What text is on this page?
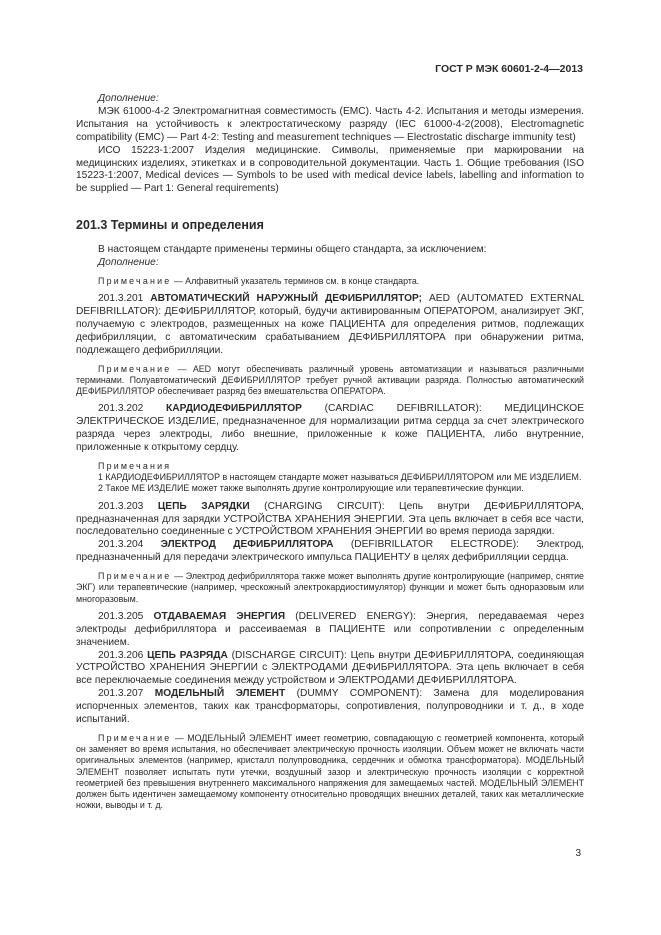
ГОСТ Р МЭК 60601-2-4—2013

Дополнение:

МЭК 61000-4-2 Электромагнитная совместимость (ЕМС). Часть 4-2. Испытания и методы измерения. Испытания на устойчивость к электростатическому разряду (IEC 61000-4-2(2008), Electromagnetic compatibility (EMC) — Part 4-2: Testing and measurement techniques — Electrostatic discharge immunity test)

ИСО 15223-1:2007 Изделия медицинские. Символы, применяемые при маркировании на медицинских изделиях, этикетках и в сопроводительной документации. Часть 1. Общие требования (ISO 15223-1:2007, Medical devices — Symbols to be used with medical device labels, labelling and information to be supplied — Part 1: General requirements)

201.3 Термины и определения

В настоящем стандарте применены термины общего стандарта, за исключением:

Дополнение:

Примечание — Алфавитный указатель терминов см. в конце стандарта.

201.3.201 АВТОМАТИЧЕСКИЙ НАРУЖНЫЙ ДЕФИБРИЛЛЯТОР; AED (AUTOMATED EXTERNAL DEFIBRILLATOR): ДЕФИБРИЛЛЯТОР, который, будучи активированным ОПЕРАТОРОМ, анализирует ЭКГ, получаемую с электродов, размещенных на коже ПАЦИЕНТА для определения ритмов, подлежащих дефибрилляции, с автоматическим срабатыванием ДЕФИБРИЛЛЯТОРА при обнаружении ритма, подлежащего дефибрилляции.

Примечание — AED могут обеспечивать различный уровень автоматизации и называться различными терминами. Полуавтоматический ДЕФИБРИЛЛЯТОР требует ручной активации разряда. Полностью автоматический ДЕФИБРИЛЛЯТОР обеспечивает разряд без вмешательства ОПЕРАТОРА.

201.3.202 КАРДИОДЕФИБРИЛЛЯТОР (CARDIAC DEFIBRILLATOR): МЕДИЦИНСКОЕ ЭЛЕКТРИЧЕСКОЕ ИЗДЕЛИЕ, предназначенное для нормализации ритма сердца за счет электрического разряда через электроды, либо внешние, приложенные к коже ПАЦИЕНТА, либо внутренние, приложенные к открытому сердцу.

Примечания

1 КАРДИОДЕФИБРИЛЛЯТОР в настоящем стандарте может называться ДЕФИБРИЛЛЯТОРОМ или МЕ ИЗДЕЛИЕМ.

2 Такое МЕ ИЗДЕЛИЕ может также выполнять другие контролирующие или терапевтические функции.

201.3.203 ЦЕПЬ ЗАРЯДКИ (CHARGING CIRCUIT): Цепь внутри ДЕФИБРИЛЛЯТОРА, предназначенная для зарядки УСТРОЙСТВА ХРАНЕНИЯ ЭНЕРГИИ. Эта цепь включает в себя все части, последовательно соединенные с УСТРОЙСТВОМ ХРАНЕНИЯ ЭНЕРГИИ во время периода зарядки.

201.3.204 ЭЛЕКТРОД ДЕФИБРИЛЛЯТОРА (DEFIBRILLATOR ELECTRODE): Электрод, предназначенный для передачи электрического импульса ПАЦИЕНТУ в целях дефибрилляции сердца.

Примечание — Электрод дефибриллятора также может выполнять другие контролирующие (например, снятие ЭКГ) или терапевтические (например, чрескожный электрокардиостимулятор) функции и может быть одноразовым или многоразовым.

201.3.205 ОТДАВАЕМАЯ ЭНЕРГИЯ (DELIVERED ENERGY): Энергия, передаваемая через электроды дефибриллятора и рассеиваемая в ПАЦИЕНТЕ или сопротивлении с определенным значением.

201.3.206 ЦЕПЬ РАЗРЯДА (DISCHARGE CIRCUIT): Цепь внутри ДЕФИБРИЛЛЯТОРА, соединяющая УСТРОЙСТВО ХРАНЕНИЯ ЭНЕРГИИ с ЭЛЕКТРОДАМИ ДЕФИБРИЛЛЯТОРА. Эта цепь включает в себя все переключаемые соединения между устройством и ЭЛЕКТРОДАМИ ДЕФИБРИЛЛЯТОРА.

201.3.207 МОДЕЛЬНЫЙ ЭЛЕМЕНТ (DUMMY COMPONENT): Замена для моделирования испорченных элементов, таких как трансформаторы, сопротивления, полупроводники и т. д., в ходе испытаний.

Примечание — МОДЕЛЬНЫЙ ЭЛЕМЕНТ имеет геометрию, совпадающую с геометрией компонента, который он заменяет во время испытания, но обеспечивает электрическую прочность изоляции. Объем может не включать части оригинальных элементов (например, кристалл полупроводника, сердечник и обмотка трансформатора). МОДЕЛЬНЫЙ ЭЛЕМЕНТ позволяет испытать пути утечки, воздушный зазор и электрическую прочность изоляции с корректной геометрией без превышения внутреннего максимального напряжения для замещаемых частей. МОДЕЛЬНЫЙ ЭЛЕМЕНТ должен быть идентичен замещаемому компоненту относительно проводящих внешних деталей, таких как металлические ножки, выводы и т. д.

3
